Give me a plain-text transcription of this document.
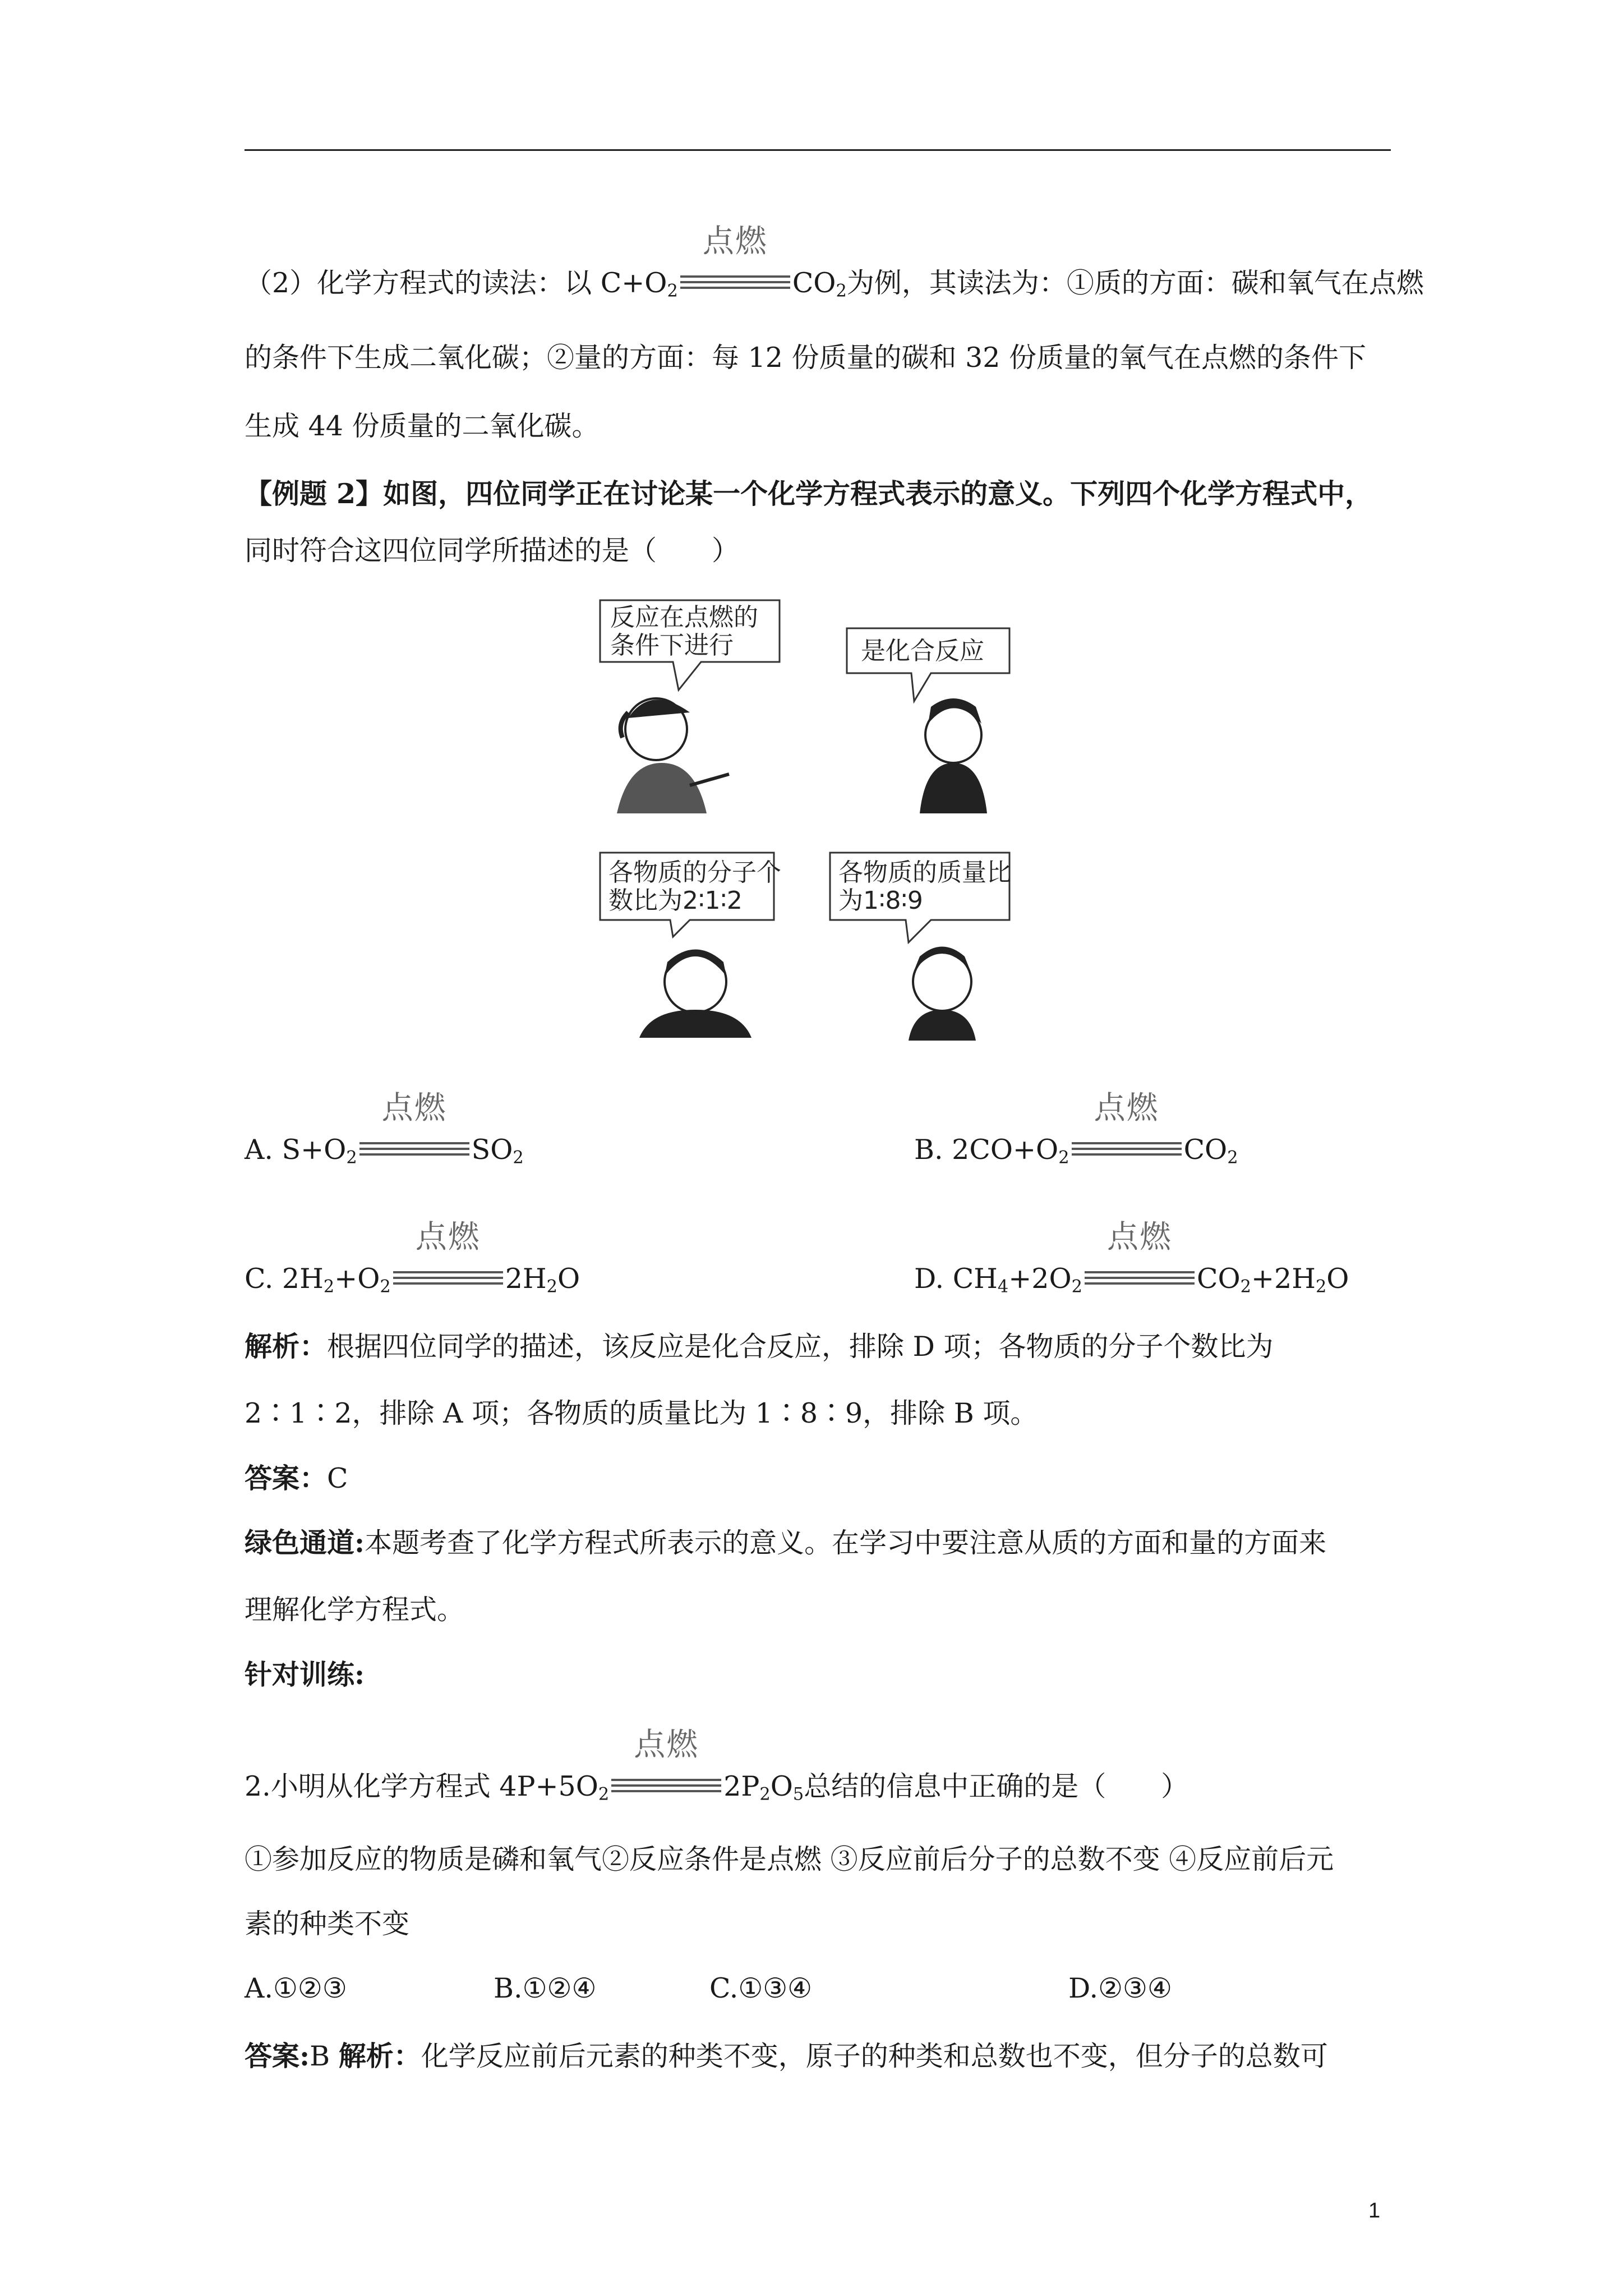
（2）化学方程式的读法：以 $C+O_2$
点燃
$CO_2$为例，其读法为：①质的方面：碳和氧气在点燃
的条件下生成二氧化碳；②量的方面：每 12 份质量的碳和 32 份质量的氧气在点燃的条件下
生成 44 份质量的二氧化碳。
【例题 2】如图，四位同学正在讨论某一个化学方程式表示的意义。下列四个化学方程式中，
同时符合这四位同学所描述的是（　　）
反应在点燃的
条件下进行	是化合反应
各物质的分子个
数比为2∶1∶2
各物质的质量比
为1∶8∶9
A. $S+O_2$
点燃
$SO_2$	B. $2CO+O_2$
点燃
$CO_2$
C. $2H_2+O_2$
点燃
$2H_2O$	D. $CH_4+2O_2$
点燃
$CO_2+2H_2O$
解析：根据四位同学的描述，该反应是化合反应，排除 D 项；各物质的分子个数比为
2∶1∶2，排除 A 项；各物质的质量比为 1∶8∶9，排除 B 项。
答案：C
绿色通道:本题考查了化学方程式所表示的意义。在学习中要注意从质的方面和量的方面来
理解化学方程式。
针对训练:
2.小明从化学方程式 $4P+5O_2$
点燃
$2P_2O_5$总结的信息中正确的是（　　）
①参加反应的物质是磷和氧气②反应条件是点燃 ③反应前后分子的总数不变 ④反应前后元
素的种类不变
A.①②③	B.①②④	C.①③④	D.②③④
答案:B 解析：化学反应前后元素的种类不变，原子的种类和总数也不变，但分子的总数可
1
